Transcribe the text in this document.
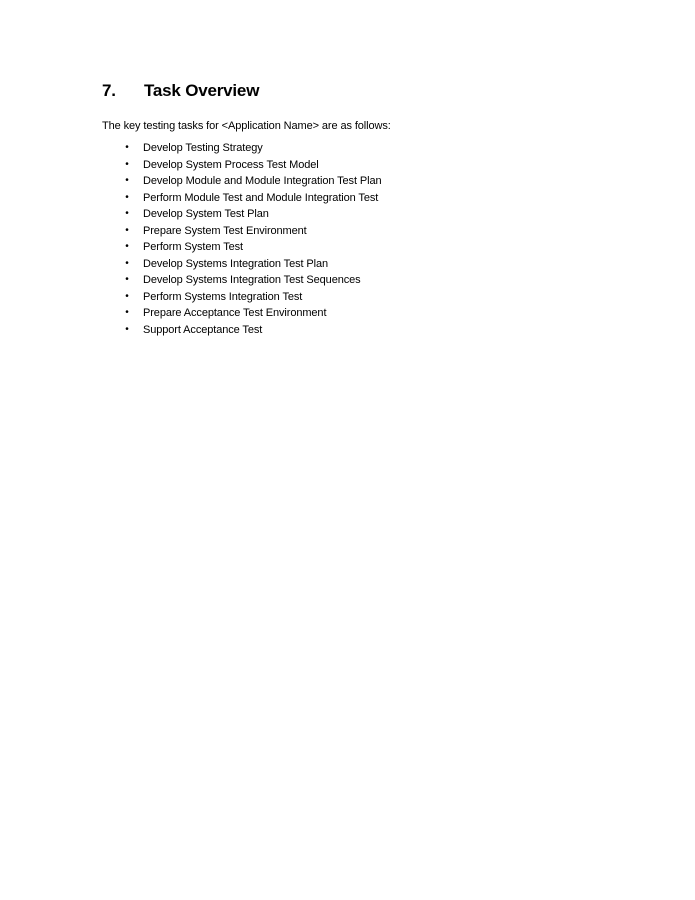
7.	Task Overview
The key testing tasks for <Application Name> are as follows:
• Develop Testing Strategy
• Develop System Process Test Model
• Develop Module and Module Integration Test Plan
• Perform Module Test and Module Integration Test
• Develop System Test Plan
• Prepare System Test Environment
• Perform System Test
• Develop Systems Integration Test Plan
• Develop Systems Integration Test Sequences
• Perform Systems Integration Test
• Prepare Acceptance Test Environment
• Support Acceptance Test
